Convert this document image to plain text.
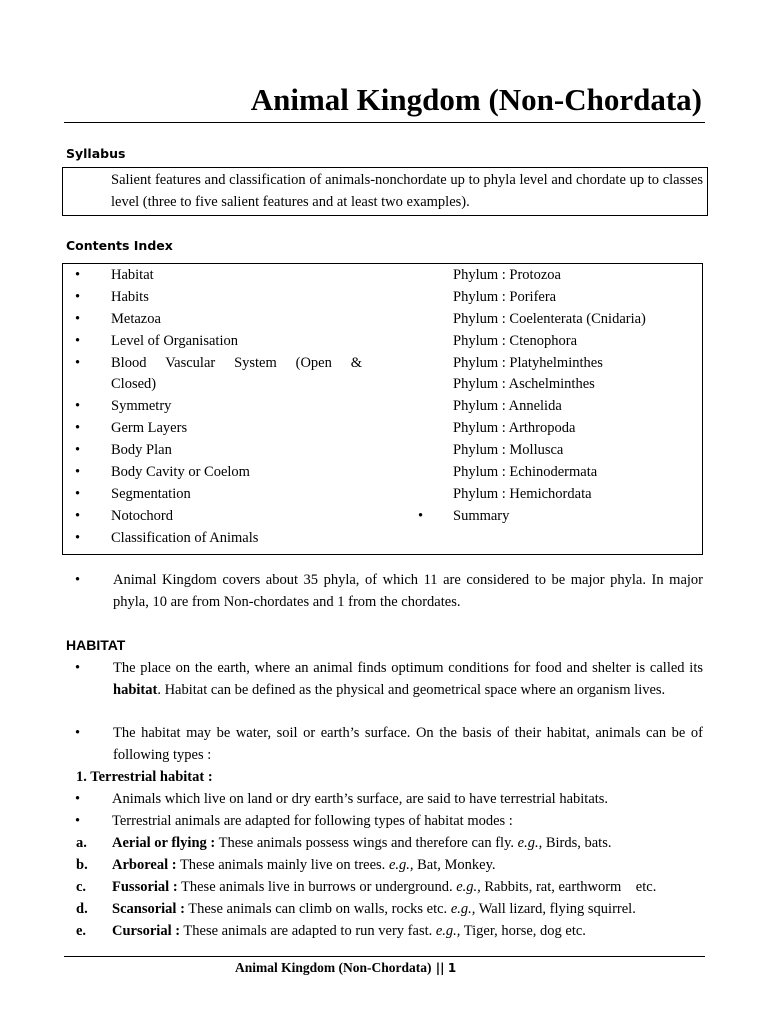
Animal Kingdom (Non-Chordata)
Syllabus
Salient features and classification of animals-nonchordate up to phyla level and chordate up to classes level (three to five salient features and at least two examples).
Contents Index
• Habitat
• Habits
• Metazoa
• Level of Organisation
• Blood Vascular System (Open &
Closed)
• Symmetry
• Germ Layers
• Body Plan
• Body Cavity or Coelom
• Segmentation
• Notochord
• Classification of Animals
Phylum : Protozoa
Phylum : Porifera
Phylum : Coelenterata (Cnidaria)
Phylum : Ctenophora
Phylum : Platyhelminthes
Phylum : Aschelminthes
Phylum : Annelida
Phylum : Arthropoda
Phylum : Mollusca
Phylum : Echinodermata
Phylum : Hemichordata
• Summary
• Animal Kingdom covers about 35 phyla, of which 11 are considered to be major phyla. In major phyla, 10 are from Non-chordates and 1 from the chordates.
HABITAT
• The place on the earth, where an animal finds optimum conditions for food and shelter is called its habitat. Habitat can be defined as the physical and geometrical space where an organism lives.
• The habitat may be water, soil or earth’s surface. On the basis of their habitat, animals can be of following types :
1. Terrestrial habitat :
• Animals which live on land or dry earth’s surface, are said to have terrestrial habitats.
• Terrestrial animals are adapted for following types of habitat modes :
a. Aerial or flying : These animals possess wings and therefore can fly. e.g., Birds, bats.
b. Arboreal : These animals mainly live on trees. e.g., Bat, Monkey.
c. Fussorial : These animals live in burrows or underground. e.g., Rabbits, rat, earthworm    etc.
d. Scansorial : These animals can climb on walls, rocks etc. e.g., Wall lizard, flying squirrel.
e. Cursorial : These animals are adapted to run very fast. e.g., Tiger, horse, dog etc.
Animal Kingdom (Non-Chordata) || 1
